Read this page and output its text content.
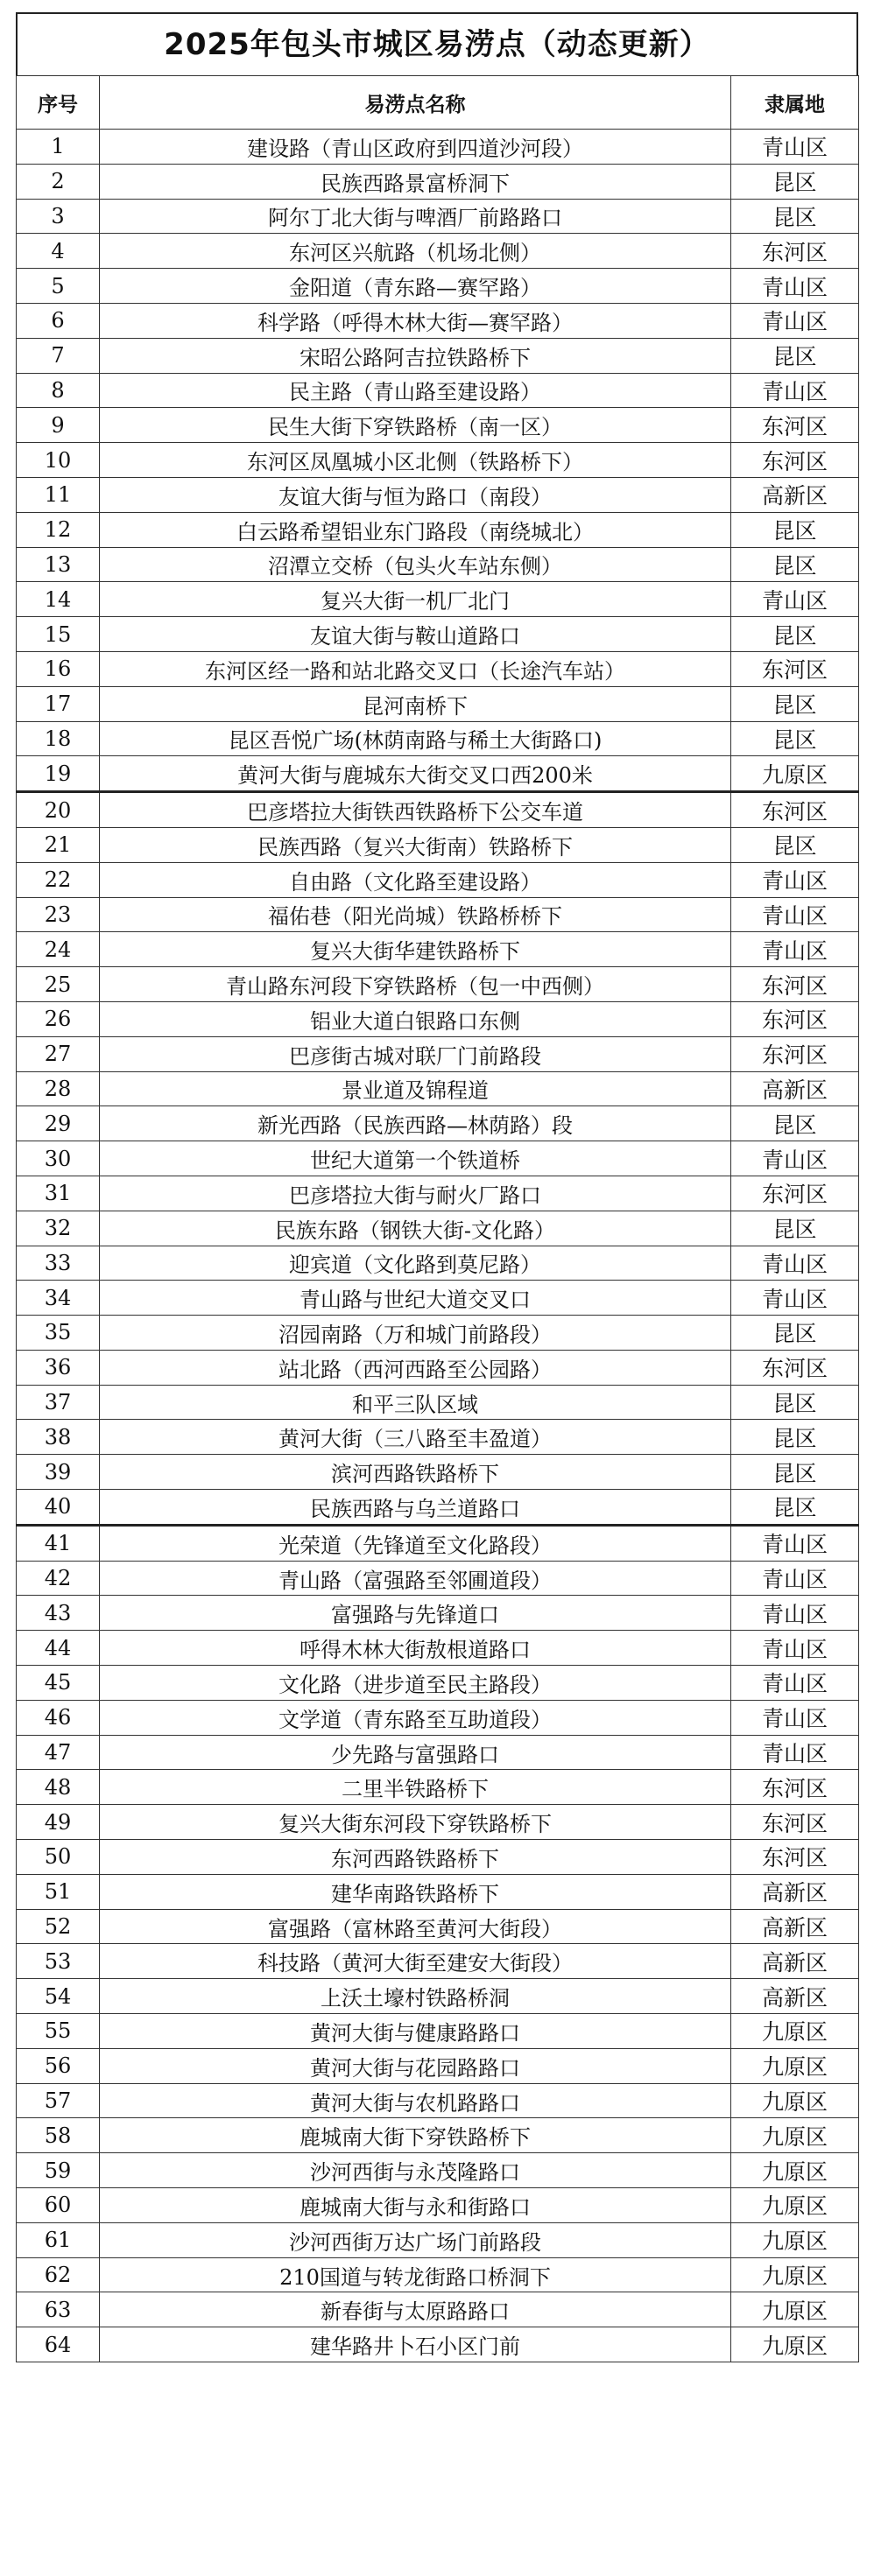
2025年包头市城区易涝点（动态更新）
序号	易涝点名称	隶属地
1	建设路（青山区政府到四道沙河段）	青山区
2	民族西路景富桥洞下	昆区
3	阿尔丁北大街与啤酒厂前路路口	昆区
4	东河区兴航路（机场北侧）	东河区
5	金阳道（青东路—赛罕路）	青山区
6	科学路（呼得木林大街—赛罕路）	青山区
7	宋昭公路阿吉拉铁路桥下	昆区
8	民主路（青山路至建设路）	青山区
9	民生大街下穿铁路桥（南一区）	东河区
10	东河区凤凰城小区北侧（铁路桥下）	东河区
11	友谊大街与恒为路口（南段）	高新区
12	白云路希望铝业东门路段（南绕城北）	昆区
13	沼潭立交桥（包头火车站东侧）	昆区
14	复兴大街一机厂北门	青山区
15	友谊大街与鞍山道路口	昆区
16	东河区经一路和站北路交叉口（长途汽车站）	东河区
17	昆河南桥下	昆区
18	昆区吾悦广场(林荫南路与稀土大街路口)	昆区
19	黄河大街与鹿城东大街交叉口西200米	九原区
20	巴彦塔拉大街铁西铁路桥下公交车道	东河区
21	民族西路（复兴大街南）铁路桥下	昆区
22	自由路（文化路至建设路）	青山区
23	福佑巷（阳光尚城）铁路桥桥下	青山区
24	复兴大街华建铁路桥下	青山区
25	青山路东河段下穿铁路桥（包一中西侧）	东河区
26	铝业大道白银路口东侧	东河区
27	巴彦街古城对联厂门前路段	东河区
28	景业道及锦程道	高新区
29	新光西路（民族西路—林荫路）段	昆区
30	世纪大道第一个铁道桥	青山区
31	巴彦塔拉大街与耐火厂路口	东河区
32	民族东路（钢铁大街-文化路）	昆区
33	迎宾道（文化路到莫尼路）	青山区
34	青山路与世纪大道交叉口	青山区
35	沼园南路（万和城门前路段）	昆区
36	站北路（西河西路至公园路）	东河区
37	和平三队区域	昆区
38	黄河大街（三八路至丰盈道）	昆区
39	滨河西路铁路桥下	昆区
40	民族西路与乌兰道路口	昆区
41	光荣道（先锋道至文化路段）	青山区
42	青山路（富强路至邻圃道段）	青山区
43	富强路与先锋道口	青山区
44	呼得木林大街敖根道路口	青山区
45	文化路（进步道至民主路段）	青山区
46	文学道（青东路至互助道段）	青山区
47	少先路与富强路口	青山区
48	二里半铁路桥下	东河区
49	复兴大街东河段下穿铁路桥下	东河区
50	东河西路铁路桥下	东河区
51	建华南路铁路桥下	高新区
52	富强路（富林路至黄河大街段）	高新区
53	科技路（黄河大街至建安大街段）	高新区
54	上沃土壕村铁路桥洞	高新区
55	黄河大街与健康路路口	九原区
56	黄河大街与花园路路口	九原区
57	黄河大街与农机路路口	九原区
58	鹿城南大街下穿铁路桥下	九原区
59	沙河西街与永茂隆路口	九原区
60	鹿城南大街与永和街路口	九原区
61	沙河西街万达广场门前路段	九原区
62	210国道与转龙街路口桥洞下	九原区
63	新春街与太原路路口	九原区
64	建华路井卜石小区门前	九原区
